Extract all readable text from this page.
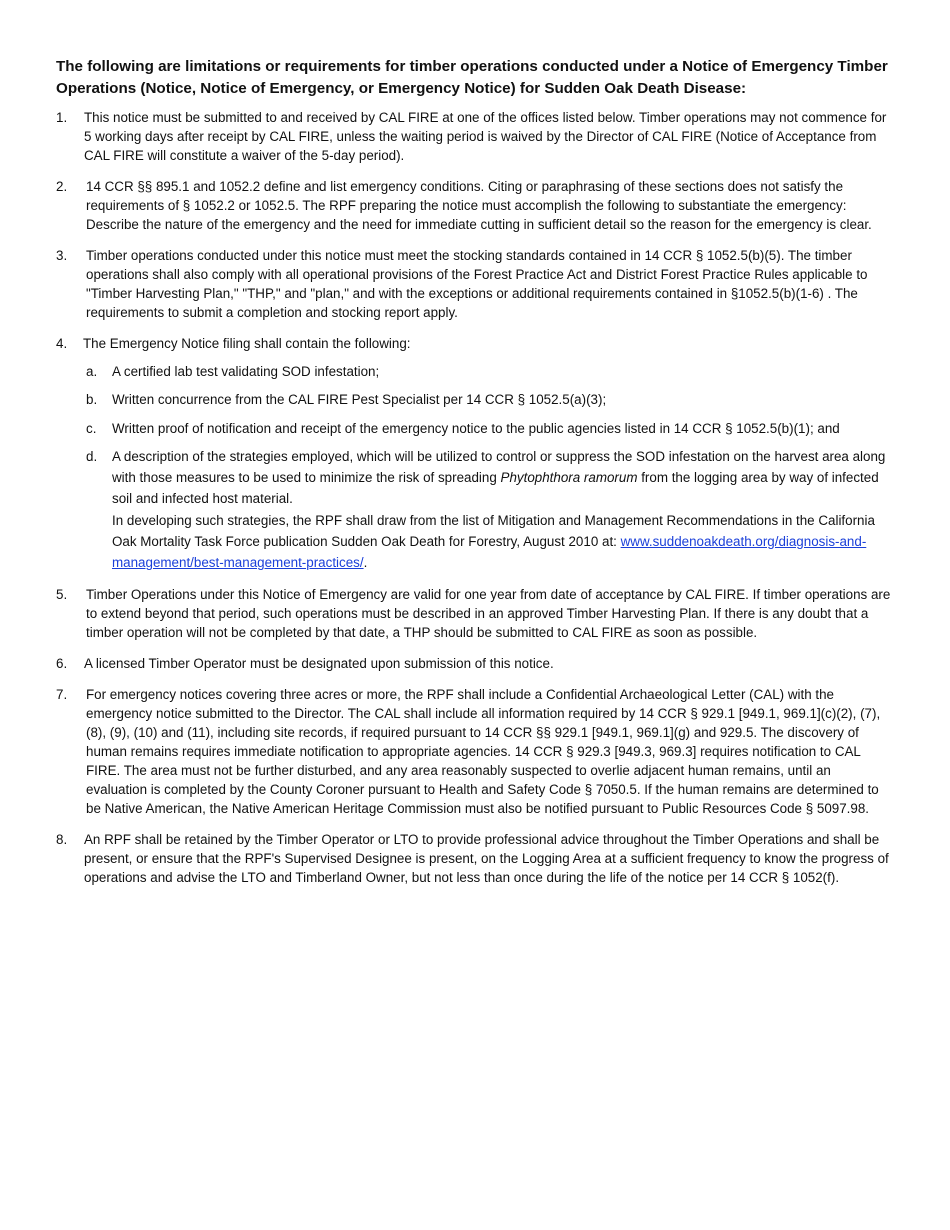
The following are limitations or requirements for timber operations conducted under a Notice of Emergency Timber Operations (Notice, Notice of Emergency, or Emergency Notice) for Sudden Oak Death Disease:
1.	This notice must be submitted to and received by CAL FIRE at one of the offices listed below. Timber operations may not commence for 5 working days after receipt by CAL FIRE, unless the waiting period is waived by the Director of CAL FIRE (Notice of Acceptance from CAL FIRE will constitute a waiver of the 5-day period).
2.	14 CCR §§ 895.1 and 1052.2 define and list emergency conditions. Citing or paraphrasing of these sections does not satisfy the requirements of § 1052.2 or 1052.5. The RPF preparing the notice must accomplish the following to substantiate the emergency: Describe the nature of the emergency and the need for immediate cutting in sufficient detail so the reason for the emergency is clear.
3.	Timber operations conducted under this notice must meet the stocking standards contained in 14 CCR § 1052.5(b)(5). The timber operations shall also comply with all operational provisions of the Forest Practice Act and District Forest Practice Rules applicable to "Timber Harvesting Plan," "THP," and "plan," and with the exceptions or additional requirements contained in §1052.5(b)(1-6) . The requirements to submit a completion and stocking report apply.
4.	The Emergency Notice filing shall contain the following:
a. A certified lab test validating SOD infestation;
b. Written concurrence from the CAL FIRE Pest Specialist per 14 CCR § 1052.5(a)(3);
c. Written proof of notification and receipt of the emergency notice to the public agencies listed in 14 CCR § 1052.5(b)(1); and
d. A description of the strategies employed, which will be utilized to control or suppress the SOD infestation on the harvest area along with those measures to be used to minimize the risk of spreading Phytophthora ramorum from the logging area by way of infected soil and infected host material.
In developing such strategies, the RPF shall draw from the list of Mitigation and Management Recommendations in the California Oak Mortality Task Force publication Sudden Oak Death for Forestry, August 2010 at: www.suddenoakdeath.org/diagnosis-and-management/best-management-practices/.
5.	Timber Operations under this Notice of Emergency are valid for one year from date of acceptance by CAL FIRE. If timber operations are to extend beyond that period, such operations must be described in an approved Timber Harvesting Plan. If there is any doubt that a timber operation will not be completed by that date, a THP should be submitted to CAL FIRE as soon as possible.
6.	A licensed Timber Operator must be designated upon submission of this notice.
7.	For emergency notices covering three acres or more, the RPF shall include a Confidential Archaeological Letter (CAL) with the emergency notice submitted to the Director. The CAL shall include all information required by 14 CCR § 929.1 [949.1, 969.1](c)(2), (7), (8), (9), (10) and (11), including site records, if required pursuant to 14 CCR §§ 929.1 [949.1, 969.1](g) and 929.5. The discovery of human remains requires immediate notification to appropriate agencies. 14 CCR § 929.3 [949.3, 969.3] requires notification to CAL FIRE. The area must not be further disturbed, and any area reasonably suspected to overlie adjacent human remains, until an evaluation is completed by the County Coroner pursuant to Health and Safety Code § 7050.5. If the human remains are determined to be Native American, the Native American Heritage Commission must also be notified pursuant to Public Resources Code § 5097.98.
8.	An RPF shall be retained by the Timber Operator or LTO to provide professional advice throughout the Timber Operations and shall be present, or ensure that the RPF's Supervised Designee is present, on the Logging Area at a sufficient frequency to know the progress of operations and advise the LTO and Timberland Owner, but not less than once during the life of the notice per 14 CCR § 1052(f).
